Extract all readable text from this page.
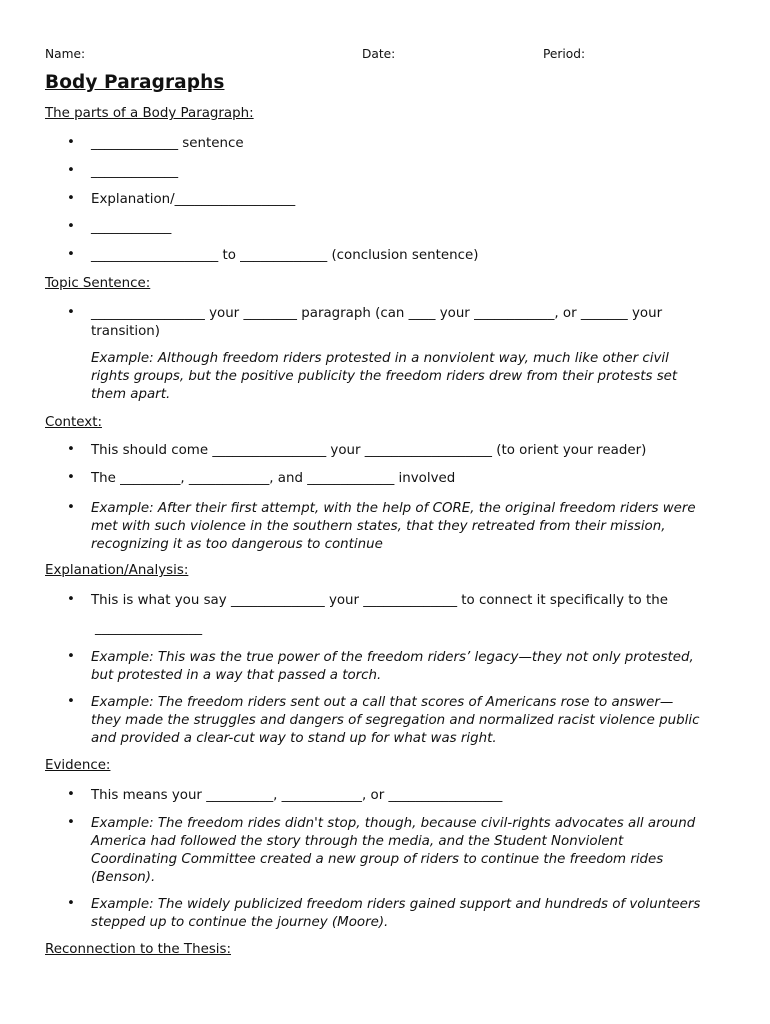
Name:	Date:	Period:
Body Paragraphs
The parts of a Body Paragraph:
• _____________ sentence
• _____________
• Explanation/__________________
• ____________
• ___________________ to _____________ (conclusion sentence)
Topic Sentence:
• _________________ your ________ paragraph (can ____ your ____________, or _______ your
transition)
Example: Although freedom riders protested in a nonviolent way, much like other civil
rights groups, but the positive publicity the freedom riders drew from their protests set
them apart.
Context:
• This should come _________________ your ___________________ (to orient your reader)
• The _________, ____________, and _____________ involved
• Example: After their first attempt, with the help of CORE, the original freedom riders were
met with such violence in the southern states, that they retreated from their mission,
recognizing it as too dangerous to continue
Explanation/Analysis:
• This is what you say ______________ your ______________ to connect it specifically to the
________________
• Example: This was the true power of the freedom riders’ legacy—they not only protested,
but protested in a way that passed a torch.
• Example: The freedom riders sent out a call that scores of Americans rose to answer—
they made the struggles and dangers of segregation and normalized racist violence public
and provided a clear-cut way to stand up for what was right.
Evidence:
• This means your __________, ____________, or _________________
• Example: The freedom rides didn't stop, though, because civil-rights advocates all around
America had followed the story through the media, and the Student Nonviolent
Coordinating Committee created a new group of riders to continue the freedom rides
(Benson).
• Example: The widely publicized freedom riders gained support and hundreds of volunteers
stepped up to continue the journey (Moore).
Reconnection to the Thesis:
